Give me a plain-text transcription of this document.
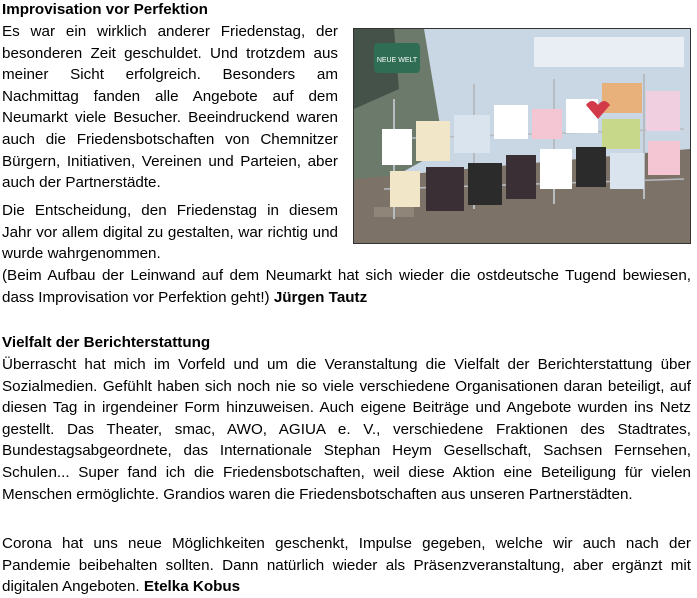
Improvisation vor Perfektion

Es war ein wirklich anderer Friedenstag, der besonderen Zeit geschuldet. Und trotzdem aus meiner Sicht erfolgreich. Besonders am Nachmittag fanden alle Angebote auf dem Neumarkt viele Besucher. Beeindruckend waren auch die Friedensbotschaften von Chemnitzer Bürgern, Initiativen, Vereinen und Parteien, aber auch der Partnerstädte.

Die Entscheidung, den Friedenstag in diesem Jahr vor allem digital zu gestalten, war richtig und wurde wahrgenommen.

(Beim Aufbau der Leinwand auf dem Neumarkt hat sich wieder die ostdeutsche Tugend bewiesen, dass Improvisation vor Perfektion geht!) Jürgen Tautz

NEUE WELT
Vielfalt der Berichterstattung

Überrascht hat mich im Vorfeld und um die Veranstaltung die Vielfalt der Berichterstattung über Sozialmedien. Gefühlt haben sich noch nie so viele verschiedene Organisationen daran beteiligt, auf diesen Tag in irgendeiner Form hinzuweisen. Auch eigene Beiträge und Angebote wurden ins Netz gestellt. Das Theater, smac, AWO, AGIUA e. V., verschiedene Fraktionen des Stadtrates, Bundestagsabgeordnete, das Internationale Stephan Heym Gesellschaft, Sachsen Fernsehen, Schulen... Super fand ich die Friedensbotschaften, weil diese Aktion eine Beteiligung für vielen Menschen ermöglichte. Grandios waren die Friedensbotschaften aus unseren Partnerstädten.

Corona hat uns neue Möglichkeiten geschenkt, Impulse gegeben, welche wir auch nach der Pandemie beibehalten sollten. Dann natürlich wieder als Präsenzveranstaltung, aber ergänzt mit digitalen Angeboten. Etelka Kobus
